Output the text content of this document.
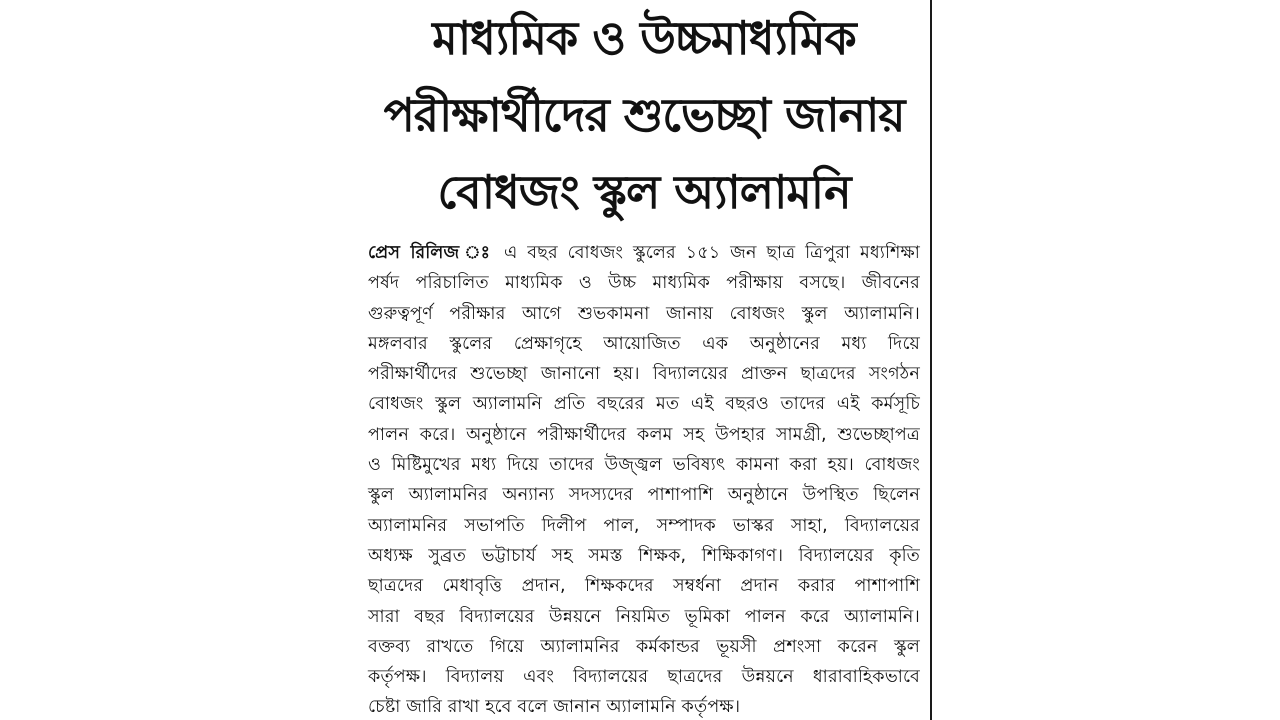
মাধ্যমিক ও উচ্চমাধ্যমিক
পরীক্ষার্থীদের শুভেচ্ছা জানায়
বোধজং স্কুল অ্যালামনি
প্রেস রিলিজ ঃ এ বছর বোধজং স্কুলের ১৫১ জন ছাত্র ত্রিপুরা মধ্যশিক্ষা
পর্ষদ পরিচালিত মাধ্যমিক ও উচ্চ মাধ্যমিক পরীক্ষায় বসছে। জীবনের
গুরুত্বপূর্ণ পরীক্ষার আগে শুভকামনা জানায় বোধজং স্কুল অ্যালামনি।
মঙ্গলবার স্কুলের প্রেক্ষাগৃহে আয়োজিত এক অনুষ্ঠানের মধ্য দিয়ে
পরীক্ষার্থীদের শুভেচ্ছা জানানো হয়। বিদ্যালয়ের প্রাক্তন ছাত্রদের সংগঠন
বোধজং স্কুল অ্যালামনি প্রতি বছরের মত এই বছরও তাদের এই কর্মসূচি
পালন করে। অনুষ্ঠানে পরীক্ষার্থীদের কলম সহ উপহার সামগ্রী, শুভেচ্ছাপত্র
ও মিষ্টিমুখের মধ্য দিয়ে তাদের উজ্জ্বল ভবিষ্যৎ কামনা করা হয়। বোধজং
স্কুল অ্যালামনির অন্যান্য সদস্যদের পাশাপাশি অনুষ্ঠানে উপস্থিত ছিলেন
অ্যালামনির সভাপতি দিলীপ পাল, সম্পাদক ভাস্কর সাহা, বিদ্যালয়ের
অধ্যক্ষ সুব্রত ভট্টাচার্য সহ সমস্ত শিক্ষক, শিক্ষিকাগণ। বিদ্যালয়ের কৃতি
ছাত্রদের মেধাবৃত্তি প্রদান, শিক্ষকদের সম্বর্ধনা প্রদান করার পাশাপাশি
সারা বছর বিদ্যালয়ের উন্নয়নে নিয়মিত ভূমিকা পালন করে অ্যালামনি।
বক্তব্য রাখতে গিয়ে অ্যালামনির কর্মকান্ডর ভূয়সী প্রশংসা করেন স্কুল
কর্তৃপক্ষ। বিদ্যালয় এবং বিদ্যালয়ের ছাত্রদের উন্নয়নে ধারাবাহিকভাবে
চেষ্টা জারি রাখা হবে বলে জানান অ্যালামনি কর্তৃপক্ষ।
